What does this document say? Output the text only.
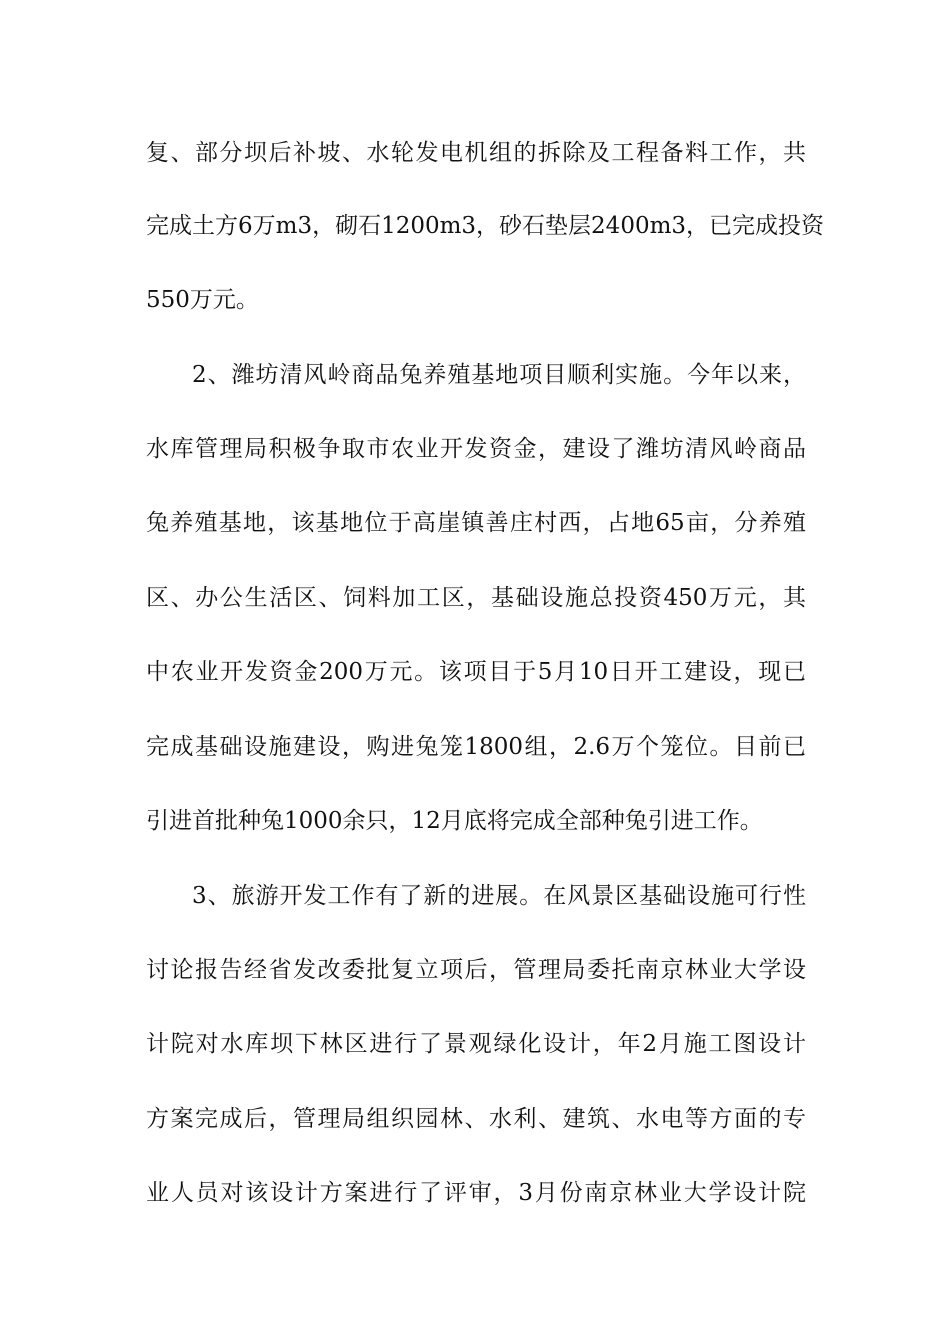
复、部分坝后补坡、水轮发电机组的拆除及工程备料工作，共
完成土方6万m3，砌石1200m3，砂石垫层2400m3，已完成投资
550万元。
2、潍坊清风岭商品兔养殖基地项目顺利实施。今年以来，
水库管理局积极争取市农业开发资金，建设了潍坊清风岭商品
兔养殖基地，该基地位于高崖镇善庄村西，占地65亩，分养殖
区、办公生活区、饲料加工区，基础设施总投资450万元，其
中农业开发资金200万元。该项目于5月10日开工建设，现已
完成基础设施建设，购进兔笼1800组，2.6万个笼位。目前已
引进首批种兔1000余只，12月底将完成全部种兔引进工作。
3、旅游开发工作有了新的进展。在风景区基础设施可行性
讨论报告经省发改委批复立项后，管理局委托南京林业大学设
计院对水库坝下林区进行了景观绿化设计，年2月施工图设计
方案完成后，管理局组织园林、水利、建筑、水电等方面的专
业人员对该设计方案进行了评审，3月份南京林业大学设计院
